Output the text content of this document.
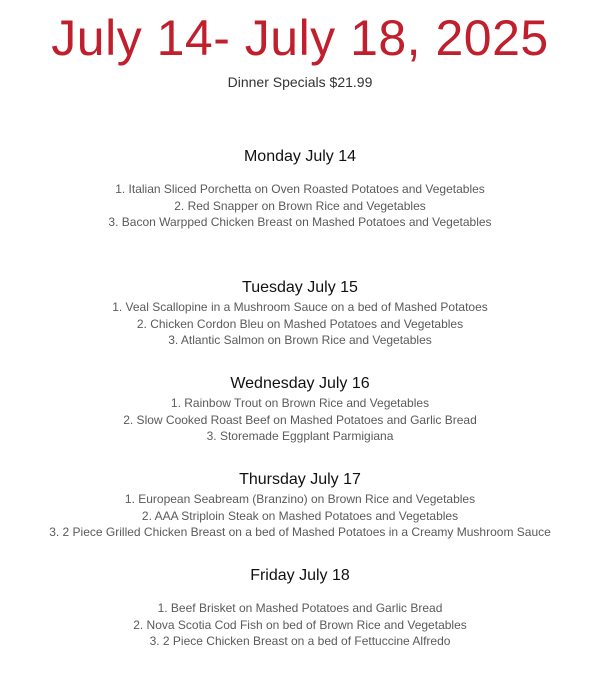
July 14- July 18, 2025

Dinner Specials $21.99

Monday July 14
1. Italian Sliced Porchetta on Oven Roasted Potatoes and Vegetables
2. Red Snapper on Brown Rice and Vegetables
3. Bacon Warpped Chicken Breast on Mashed Potatoes and Vegetables
Tuesday July 15
1. Veal Scallopine in a Mushroom Sauce on a bed of Mashed Potatoes
2. Chicken Cordon Bleu on Mashed Potatoes and Vegetables
3. Atlantic Salmon on Brown Rice and Vegetables
Wednesday July 16
1. Rainbow Trout on Brown Rice and Vegetables
2. Slow Cooked Roast Beef on Mashed Potatoes and Garlic Bread
3. Storemade Eggplant Parmigiana
Thursday July 17
1. European Seabream (Branzino) on Brown Rice and Vegetables
2. AAA Striploin Steak on Mashed Potatoes and Vegetables
3. 2 Piece Grilled Chicken Breast on a bed of Mashed Potatoes in a Creamy Mushroom Sauce
Friday July 18
1. Beef Brisket on Mashed Potatoes and Garlic Bread
2. Nova Scotia Cod Fish on bed of Brown Rice and Vegetables
3. 2 Piece Chicken Breast on a bed of Fettuccine Alfredo
